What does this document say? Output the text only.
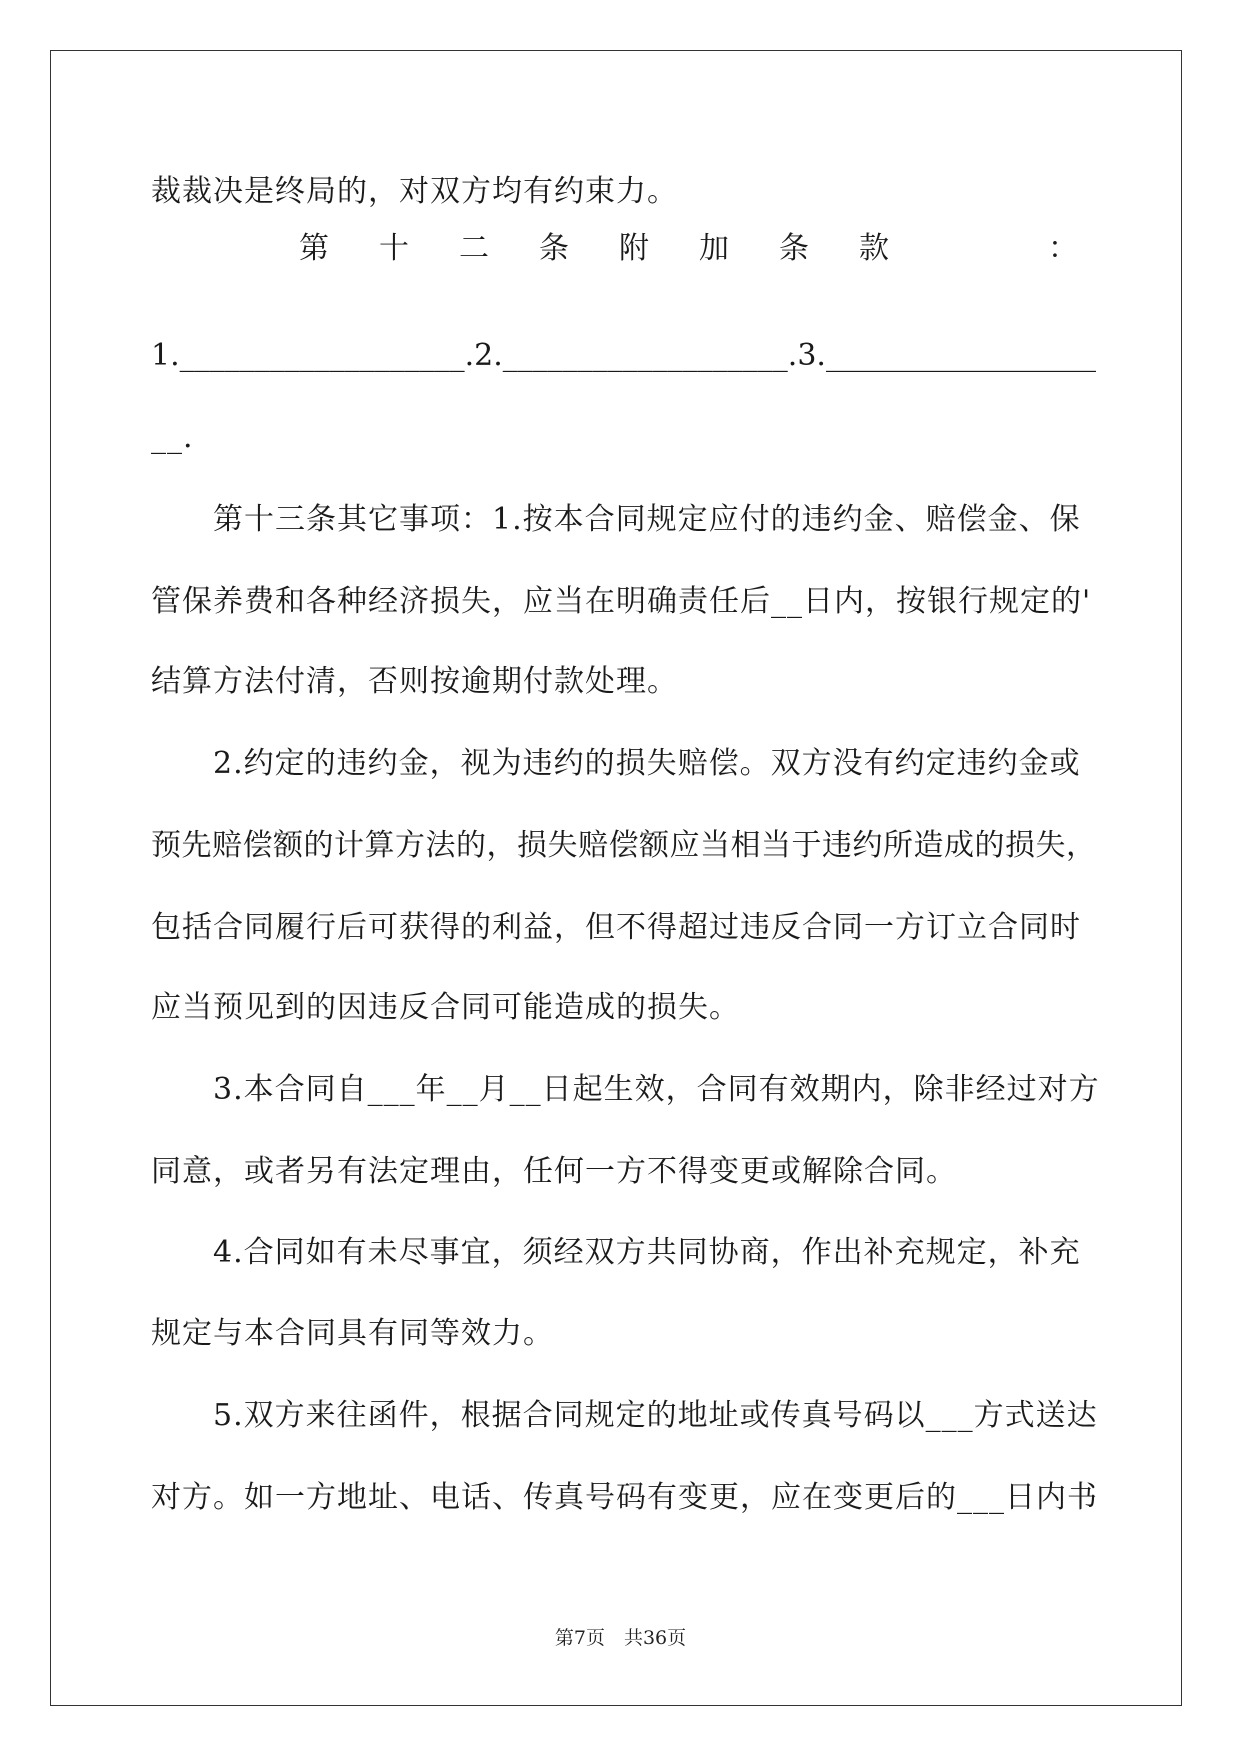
裁裁决是终局的，对双方均有约束力。
第 十 二 条 附 加 条 款	：
1.___________________.2.___________________.3.__________________
__.
　　第十三条其它事项：1.按本合同规定应付的违约金、赔偿金、保
管保养费和各种经济损失，应当在明确责任后__日内，按银行规定的'
结算方法付清，否则按逾期付款处理。
　　2.约定的违约金，视为违约的损失赔偿。双方没有约定违约金或
预先赔偿额的计算方法的，损失赔偿额应当相当于违约所造成的损失，
包括合同履行后可获得的利益，但不得超过违反合同一方订立合同时
应当预见到的因违反合同可能造成的损失。
　　3.本合同自___年__月__日起生效，合同有效期内，除非经过对方
同意，或者另有法定理由，任何一方不得变更或解除合同。
　　4.合同如有未尽事宜，须经双方共同协商，作出补充规定，补充
规定与本合同具有同等效力。
　　5.双方来往函件，根据合同规定的地址或传真号码以___方式送达
对方。如一方地址、电话、传真号码有变更，应在变更后的___日内书
第7页　共36页
